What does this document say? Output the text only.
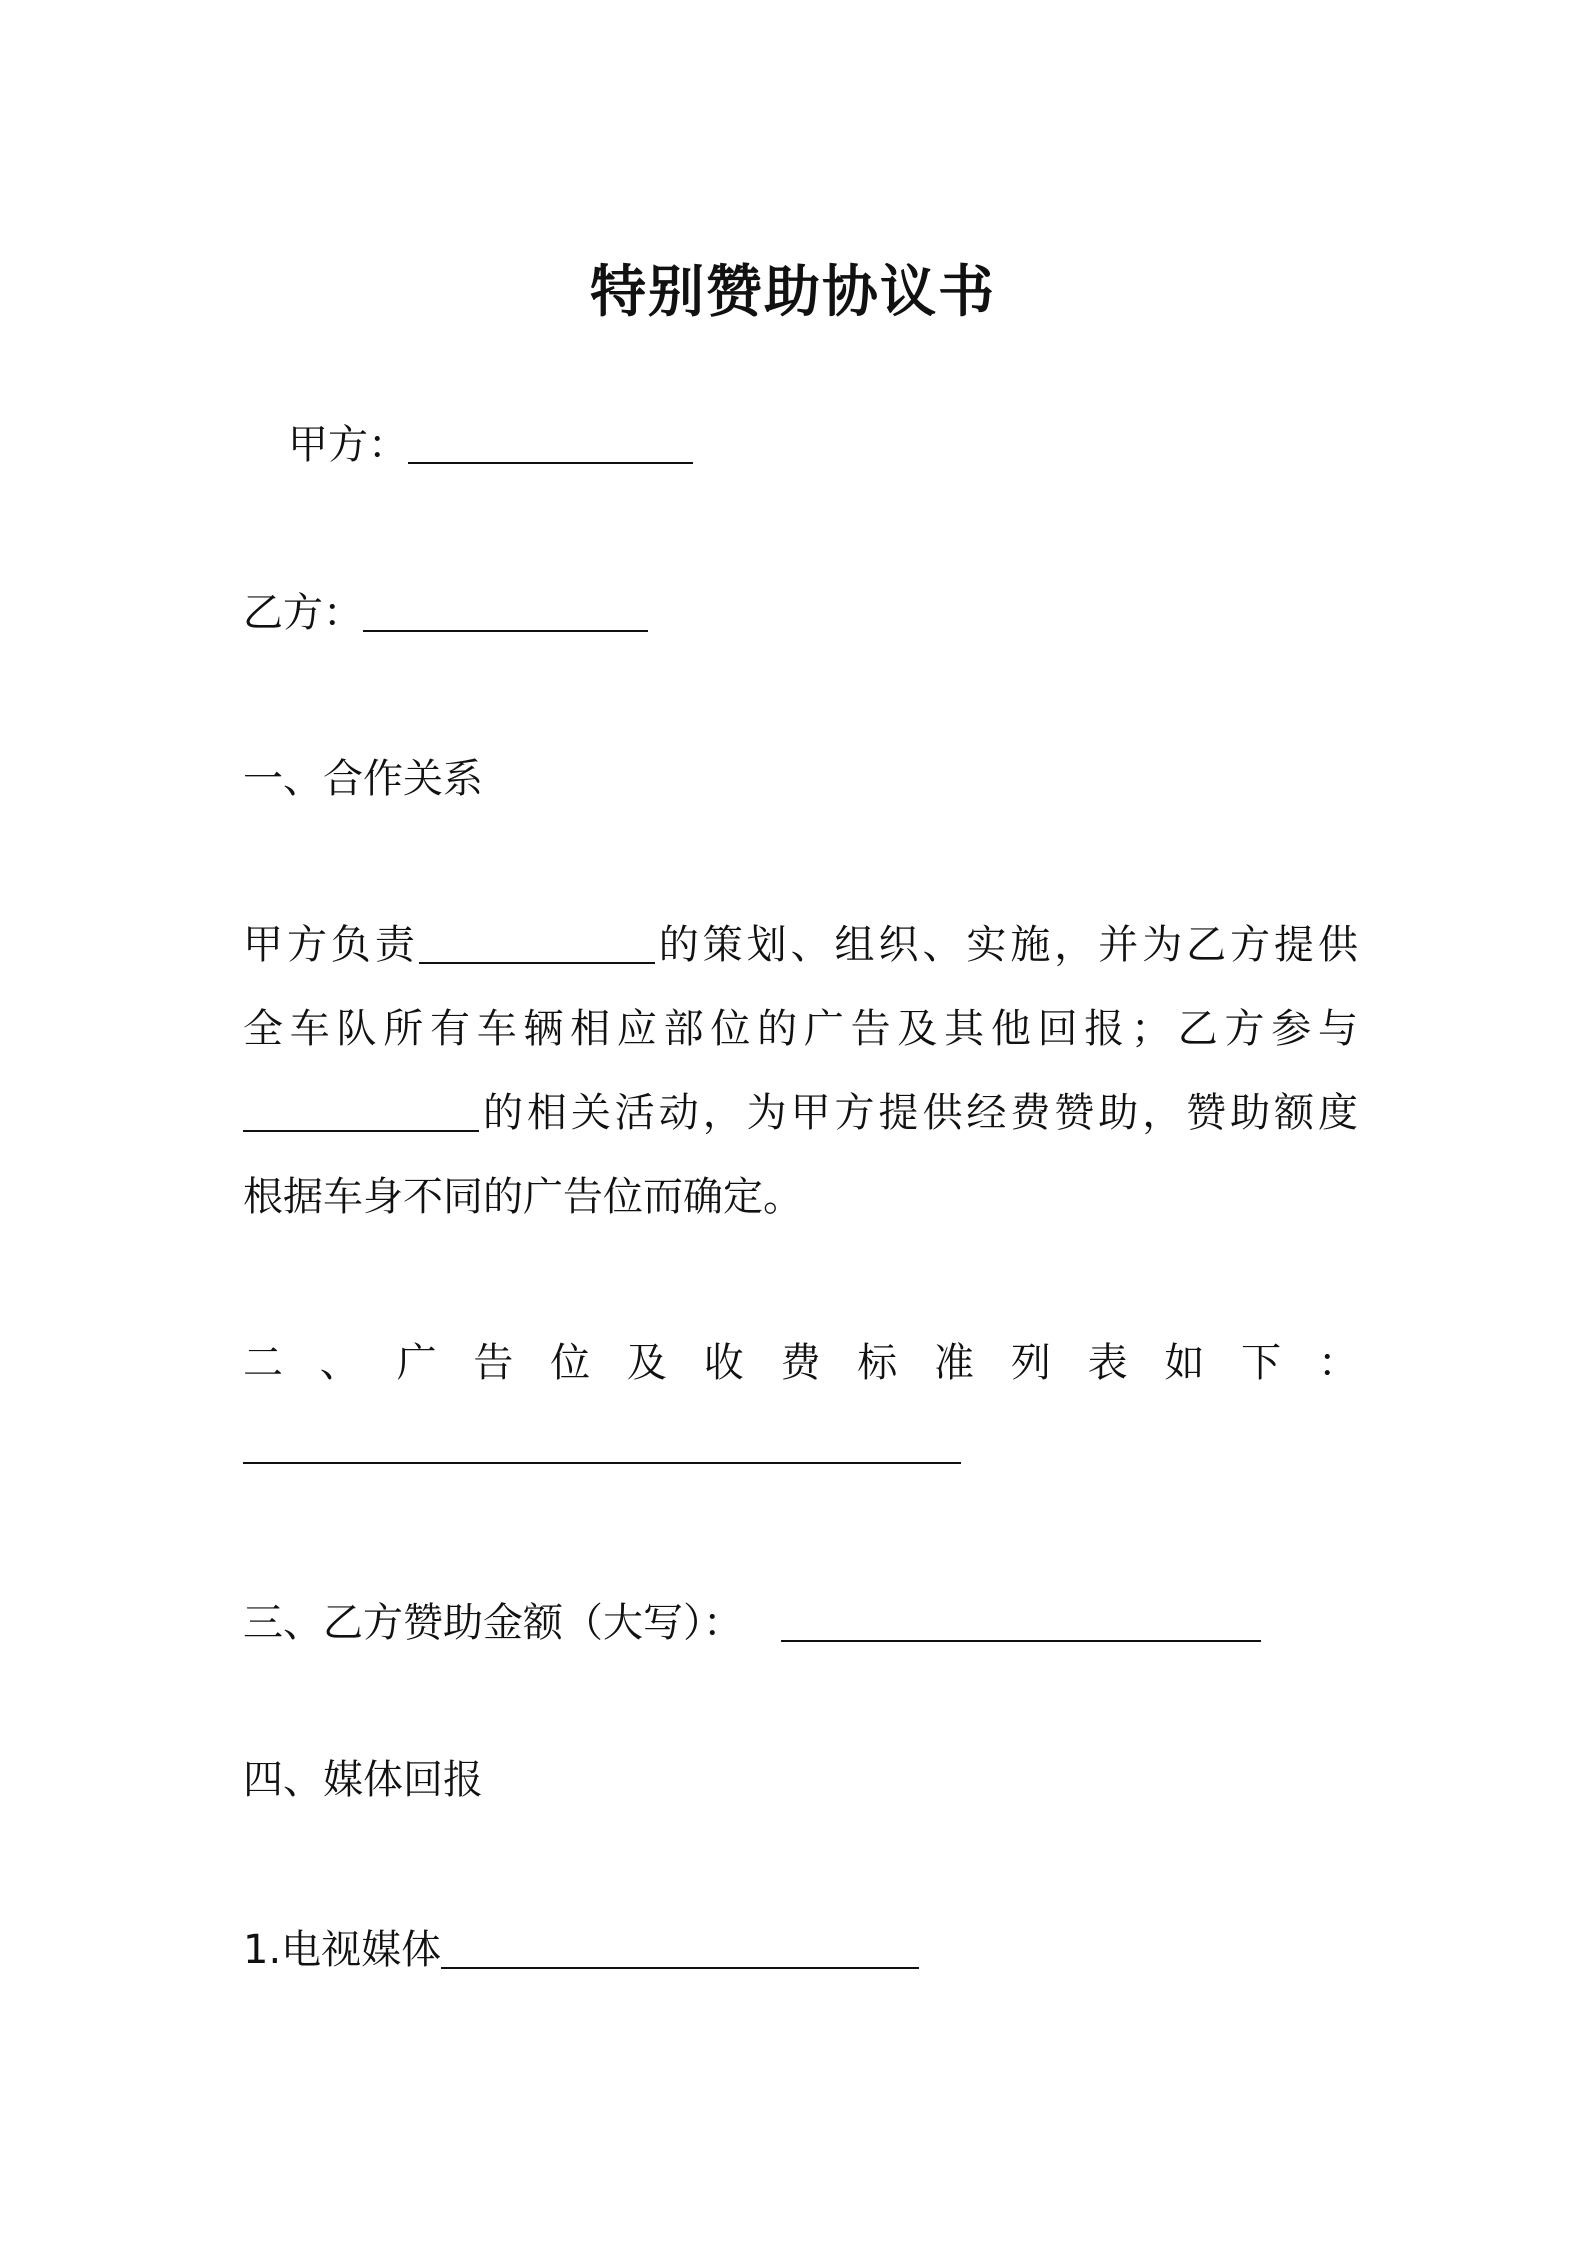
特别赞助协议书
甲方：
乙方：
一、合作关系
甲方负责	的策划、组织、实施，并为乙方提供
全车队所有车辆相应部位的广告及其他回报；乙方参与
的相关活动，为甲方提供经费赞助，赞助额度
根据车身不同的广告位而确定。
二 、 广 告 位 及 收 费 标 准 列 表 如 下 ：
三、乙方赞助金额（大写）：
四、媒体回报
1.电视媒体
